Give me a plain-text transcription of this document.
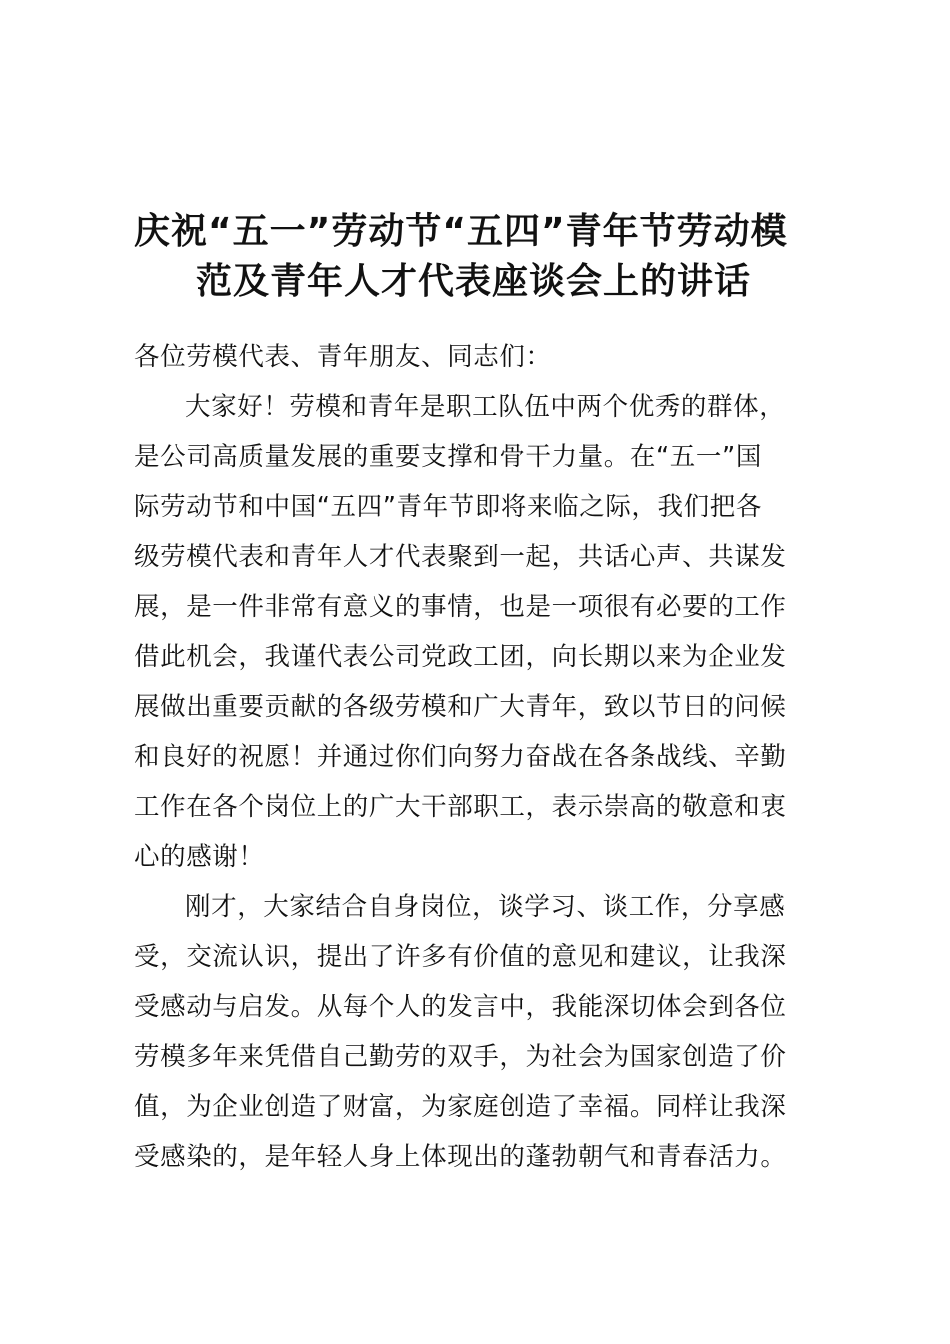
庆祝“五一”劳动节“五四”青年节劳动模
范及青年人才代表座谈会上的讲话
各位劳模代表、青年朋友、同志们：
大家好！劳模和青年是职工队伍中两个优秀的群体，
是公司高质量发展的重要支撑和骨干力量。在“五一”国
际劳动节和中国“五四”青年节即将来临之际，我们把各
级劳模代表和青年人才代表聚到一起，共话心声、共谋发
展，是一件非常有意义的事情，也是一项很有必要的工作
借此机会，我谨代表公司党政工团，向长期以来为企业发
展做出重要贡献的各级劳模和广大青年，致以节日的问候
和良好的祝愿！并通过你们向努力奋战在各条战线、辛勤
工作在各个岗位上的广大干部职工，表示崇高的敬意和衷
心的感谢！
刚才，大家结合自身岗位，谈学习、谈工作，分享感
受，交流认识，提出了许多有价值的意见和建议，让我深
受感动与启发。从每个人的发言中，我能深切体会到各位
劳模多年来凭借自己勤劳的双手，为社会为国家创造了价
值，为企业创造了财富，为家庭创造了幸福。同样让我深
受感染的，是年轻人身上体现出的蓬勃朝气和青春活力。
